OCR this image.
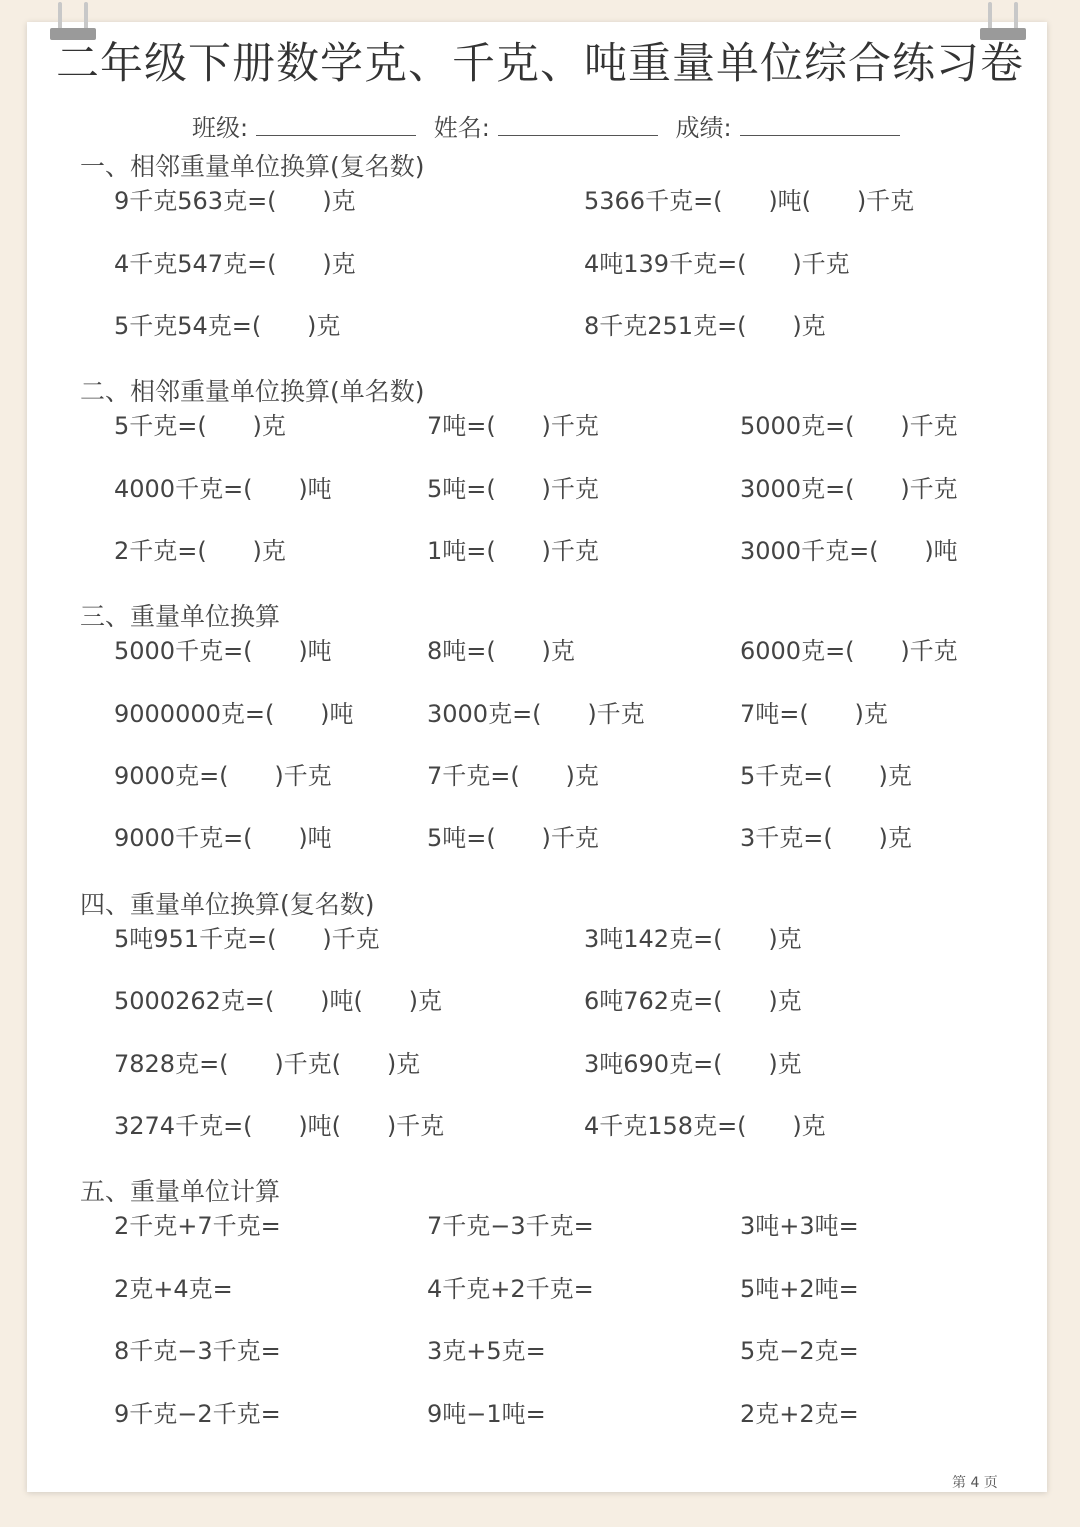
二年级下册数学克、千克、吨重量单位综合练习卷
班级:	姓名:	成绩:
一、相邻重量单位换算(复名数)
9千克563克=(      )克	5366千克=(      )吨(      )千克
4千克547克=(      )克	4吨139千克=(      )千克
5千克54克=(      )克	8千克251克=(      )克
二、相邻重量单位换算(单名数)
5千克=(      )克	7吨=(      )千克	5000克=(      )千克
4000千克=(      )吨	5吨=(      )千克	3000克=(      )千克
2千克=(      )克	1吨=(      )千克	3000千克=(      )吨
三、重量单位换算
5000千克=(      )吨	8吨=(      )克	6000克=(      )千克
9000000克=(      )吨	3000克=(      )千克	7吨=(      )克
9000克=(      )千克	7千克=(      )克	5千克=(      )克
9000千克=(      )吨	5吨=(      )千克	3千克=(      )克
四、重量单位换算(复名数)
5吨951千克=(      )千克	3吨142克=(      )克
5000262克=(      )吨(      )克	6吨762克=(      )克
7828克=(      )千克(      )克	3吨690克=(      )克
3274千克=(      )吨(      )千克	4千克158克=(      )克
五、重量单位计算
2千克+7千克=	7千克−3千克=	3吨+3吨=
2克+4克=	4千克+2千克=	5吨+2吨=
8千克−3千克=	3克+5克=	5克−2克=
9千克−2千克=	9吨−1吨=	2克+2克=
第 4 页
